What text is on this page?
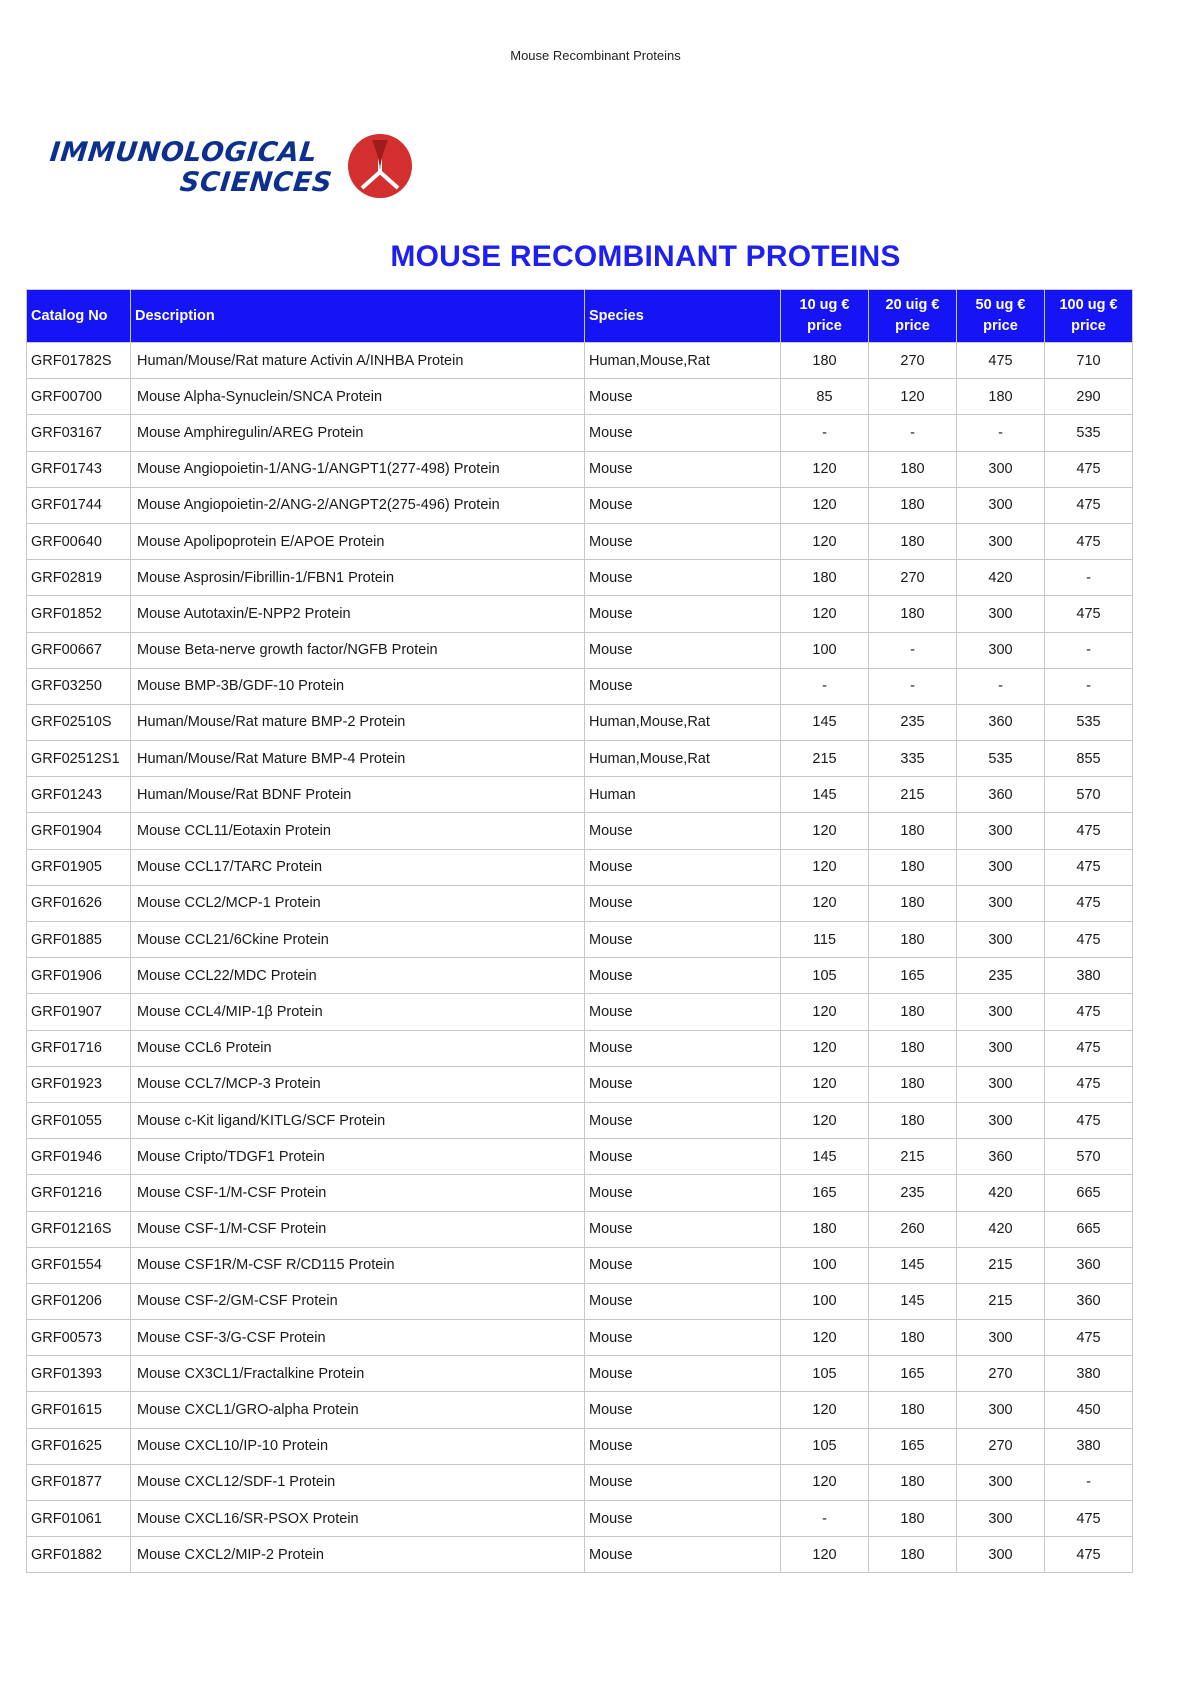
Mouse Recombinant Proteins
IMMUNOLOGICAL
SCIENCES
MOUSE RECOMBINANT PROTEINS
Catalog No	Description	Species	10 ug € price	20 uig € price	50 ug € price	100 ug € price
GRF01782S	Human/Mouse/Rat mature Activin A/INHBA Protein	Human,Mouse,Rat	180	270	475	710
GRF00700	Mouse Alpha-Synuclein/SNCA Protein	Mouse	85	120	180	290
GRF03167	Mouse Amphiregulin/AREG Protein	Mouse	-	-	-	535
GRF01743	Mouse Angiopoietin-1/ANG-1/ANGPT1(277-498) Protein	Mouse	120	180	300	475
GRF01744	Mouse Angiopoietin-2/ANG-2/ANGPT2(275-496) Protein	Mouse	120	180	300	475
GRF00640	Mouse Apolipoprotein E/APOE Protein	Mouse	120	180	300	475
GRF02819	Mouse Asprosin/Fibrillin-1/FBN1 Protein	Mouse	180	270	420	-
GRF01852	Mouse Autotaxin/E-NPP2 Protein	Mouse	120	180	300	475
GRF00667	Mouse Beta-nerve growth factor/NGFB Protein	Mouse	100	-	300	-
GRF03250	Mouse BMP-3B/GDF-10 Protein	Mouse	-	-	-	-
GRF02510S	Human/Mouse/Rat mature BMP-2 Protein	Human,Mouse,Rat	145	235	360	535
GRF02512S1	Human/Mouse/Rat Mature BMP-4 Protein	Human,Mouse,Rat	215	335	535	855
GRF01243	Human/Mouse/Rat BDNF Protein	Human	145	215	360	570
GRF01904	Mouse CCL11/Eotaxin Protein	Mouse	120	180	300	475
GRF01905	Mouse CCL17/TARC Protein	Mouse	120	180	300	475
GRF01626	Mouse CCL2/MCP-1 Protein	Mouse	120	180	300	475
GRF01885	Mouse CCL21/6Ckine Protein	Mouse	115	180	300	475
GRF01906	Mouse CCL22/MDC Protein	Mouse	105	165	235	380
GRF01907	Mouse CCL4/MIP-1β Protein	Mouse	120	180	300	475
GRF01716	Mouse CCL6 Protein	Mouse	120	180	300	475
GRF01923	Mouse CCL7/MCP-3 Protein	Mouse	120	180	300	475
GRF01055	Mouse c-Kit ligand/KITLG/SCF Protein	Mouse	120	180	300	475
GRF01946	Mouse Cripto/TDGF1 Protein	Mouse	145	215	360	570
GRF01216	Mouse CSF-1/M-CSF Protein	Mouse	165	235	420	665
GRF01216S	Mouse CSF-1/M-CSF Protein	Mouse	180	260	420	665
GRF01554	Mouse CSF1R/M-CSF R/CD115 Protein	Mouse	100	145	215	360
GRF01206	Mouse CSF-2/GM-CSF Protein	Mouse	100	145	215	360
GRF00573	Mouse CSF-3/G-CSF Protein	Mouse	120	180	300	475
GRF01393	Mouse CX3CL1/Fractalkine Protein	Mouse	105	165	270	380
GRF01615	Mouse CXCL1/GRO-alpha Protein	Mouse	120	180	300	450
GRF01625	Mouse CXCL10/IP-10 Protein	Mouse	105	165	270	380
GRF01877	Mouse CXCL12/SDF-1 Protein	Mouse	120	180	300	-
GRF01061	Mouse CXCL16/SR-PSOX Protein	Mouse	-	180	300	475
GRF01882	Mouse CXCL2/MIP-2 Protein	Mouse	120	180	300	475
